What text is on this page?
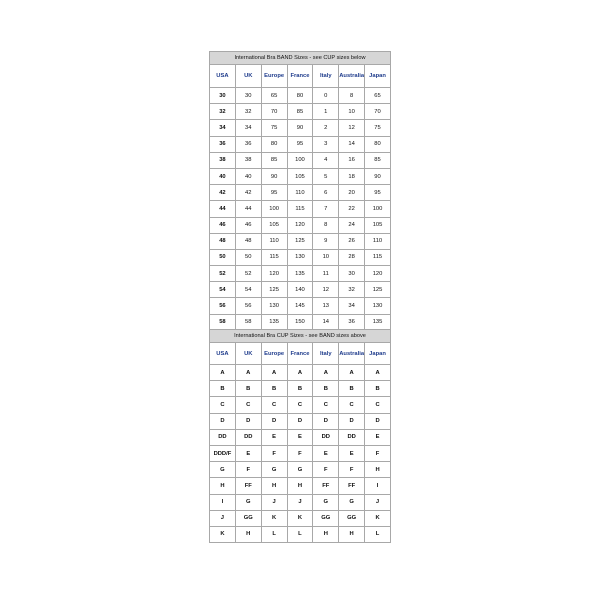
International Bra BAND Sizes - see CUP sizes below
USA	UK	Europe	France	Italy	Australia	Japan
30	30	65	80	0	8	65
32	32	70	85	1	10	70
34	34	75	90	2	12	75
36	36	80	95	3	14	80
38	38	85	100	4	16	85
40	40	90	105	5	18	90
42	42	95	110	6	20	95
44	44	100	115	7	22	100
46	46	105	120	8	24	105
48	48	110	125	9	26	110
50	50	115	130	10	28	115
52	52	120	135	11	30	120
54	54	125	140	12	32	125
56	56	130	145	13	34	130
58	58	135	150	14	36	135
International Bra CUP Sizes - see BAND sizes above
USA	UK	Europe	France	Italy	Australia	Japan
A	A	A	A	A	A	A
B	B	B	B	B	B	B
C	C	C	C	C	C	C
D	D	D	D	D	D	D
DD	DD	E	E	DD	DD	E
DDD/F	E	F	F	E	E	F
G	F	G	G	F	F	H
H	FF	H	H	FF	FF	I
I	G	J	J	G	G	J
J	GG	K	K	GG	GG	K
K	H	L	L	H	H	L
